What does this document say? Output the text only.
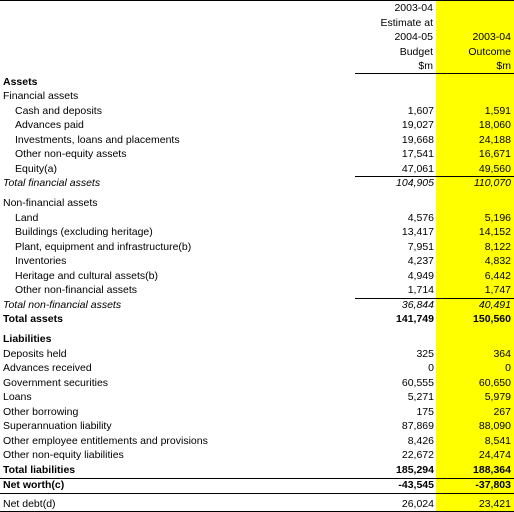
2003-04
Estimate at
2004-05
Budget
$m
2003-04
Outcome
$m
Assets
Financial assets
Cash and deposits	1,607	1,591
Advances paid	19,027	18,060
Investments, loans and placements	19,668	24,188
Other non-equity assets	17,541	16,671
Equity(a)	47,061	49,560
Total financial assets	104,905	110,070
Non-financial assets
Land	4,576	5,196
Buildings (excluding heritage)	13,417	14,152
Plant, equipment and infrastructure(b)	7,951	8,122
Inventories	4,237	4,832
Heritage and cultural assets(b)	4,949	6,442
Other non-financial assets	1,714	1,747
Total non-financial assets	36,844	40,491
Total assets	141,749	150,560
Liabilities
Deposits held	325	364
Advances received	0	0
Government securities	60,555	60,650
Loans	5,271	5,979
Other borrowing	175	267
Superannuation liability	87,869	88,090
Other employee entitlements and provisions	8,426	8,541
Other non-equity liabilities	22,672	24,474
Total liabilities	185,294	188,364
Net worth(c)	-43,545	-37,803
Net debt(d)	26,024	23,421
